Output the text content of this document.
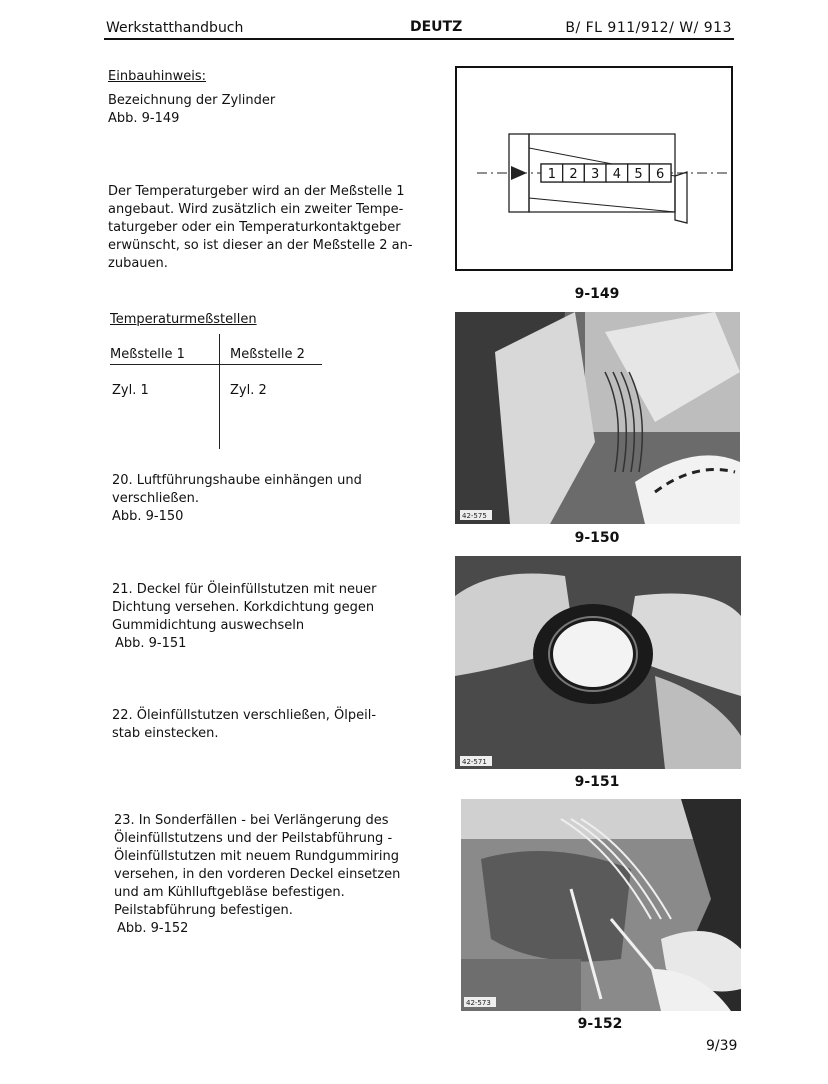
Werkstatthandbuch	DEUTZ	B/ FL 911/912/ W/ 913
Einbauhinweis:
Bezeichnung der Zylinder
Abb. 9-149
Der Temperaturgeber wird an der Meßstelle 1
angebaut. Wird zusätzlich ein zweiter Tempe-
taturgeber oder ein Temperaturkontaktgeber
erwünscht, so ist dieser an der Meßstelle 2 an-
zubauen.
Temperaturmeßstellen
Meßstelle 1	Meßstelle 2
Zyl. 1	Zyl. 2
20. Luftführungshaube einhängen und
verschließen.
Abb. 9-150
21. Deckel für Öleinfüllstutzen mit neuer
Dichtung versehen. Korkdichtung gegen
Gummidichtung auswechseln
Abb. 9-151
22. Öleinfüllstutzen verschließen, Ölpeil-
stab einstecken.
23. In Sonderfällen - bei Verlängerung des
Öleinfüllstutzens und der Peilstabführung -
Öleinfüllstutzen mit neuem Rundgummiring
versehen, in den vorderen Deckel einsetzen
und am Kühlluftgebläse befestigen.
Peilstabführung befestigen.
Abb. 9-152
1 2 3 4 5 6
9-149
42-575
9-150
42-571
9-151
42-573
9-152
9/39
